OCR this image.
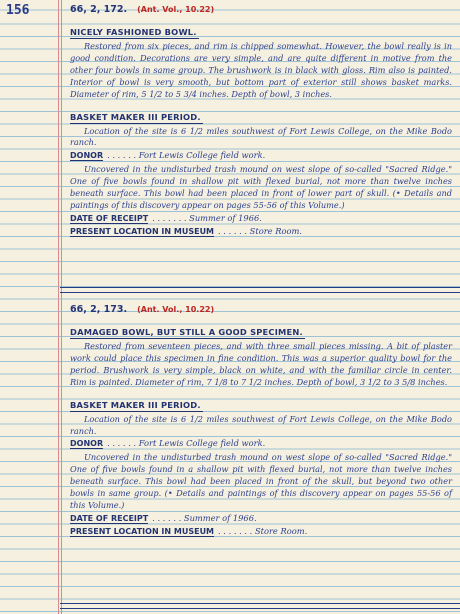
156	66, 2, 172. (Ant. Vol., 10.22)
NICELY FASHIONED BOWL.

Restored from six pieces, and rim is chipped somewhat. However, the bowl really is in good condition. Decorations are very simple, and are quite different in motive from the other four bowls in same group. The brushwork is in black with gloss. Rim also is painted. Interior of bowl is very smooth, but bottom part of exterior still shows basket marks. Diameter of rim, 5 1/2 to 5 3/4 inches. Depth of bowl, 3 inches.

BASKET MAKER III PERIOD.

Location of the site is 6 1/2 miles southwest of Fort Lewis College, on the Mike Bodo ranch.

DONOR . . . . . . Fort Lewis College field work.

Uncovered in the undisturbed trash mound on west slope of so-called "Sacred Ridge." One of five bowls found in shallow pit with flexed burial, not more than twelve inches beneath surface. This bowl had been placed in front of lower part of skull. (• Details and paintings of this discovery appear on pages 55-56 of this Volume.)

DATE OF RECEIPT . . . . . . . Summer of 1966.
PRESENT LOCATION IN MUSEUM . . . . . . Store Room.
66, 2, 173. (Ant. Vol., 10.22)
DAMAGED BOWL, BUT STILL A GOOD SPECIMEN.

Restored from seventeen pieces, and with three small pieces missing. A bit of plaster work could place this specimen in fine condition. This was a superior quality bowl for the period. Brushwork is very simple, black on white, and with the familiar circle in center. Rim is painted. Diameter of rim, 7 1/8 to 7 1/2 inches. Depth of bowl, 3 1/2 to 3 5/8 inches.

BASKET MAKER III PERIOD.

Location of the site is 6 1/2 miles southwest of Fort Lewis College, on the Mike Bodo ranch.

DONOR . . . . . . Fort Lewis College field work.

Uncovered in the undisturbed trash mound on west slope of so-called "Sacred Ridge." One of five bowls found in a shallow pit with flexed burial, not more than twelve inches beneath surface. This bowl had been placed in front of the skull, but beyond two other bowls in same group. (• Details and paintings of this discovery appear on pages 55-56 of this Volume.)

DATE OF RECEIPT . . . . . . Summer of 1966.
PRESENT LOCATION IN MUSEUM . . . . . . . Store Room.
